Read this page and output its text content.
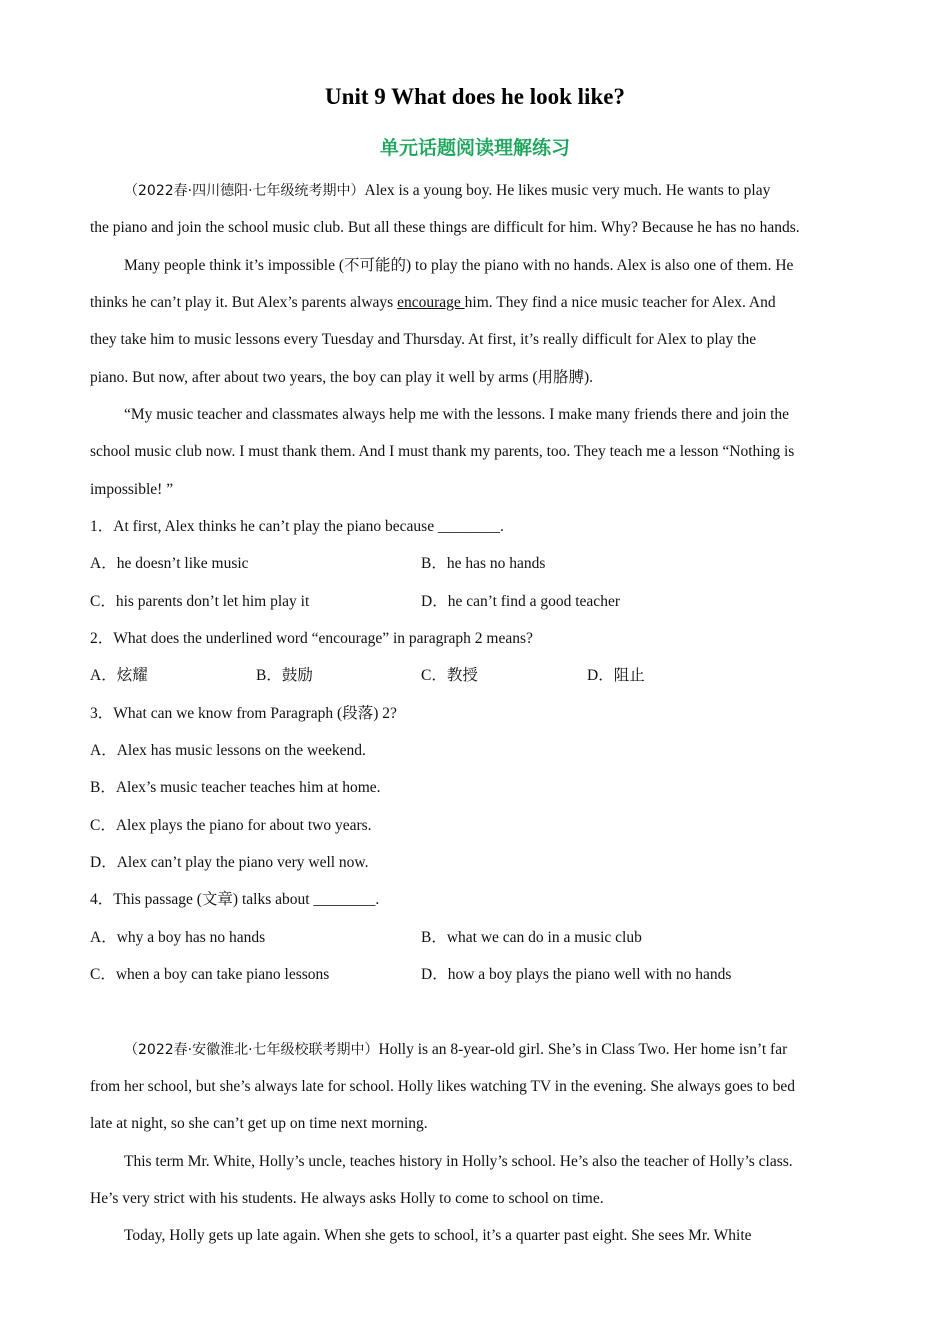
Unit 9 What does he look like?
单元话题阅读理解练习
（2022春·四川德阳·七年级统考期中）Alex is a young boy. He likes music very much. He wants to play
the piano and join the school music club. But all these things are difficult for him. Why? Because he has no hands.
Many people think it’s impossible (不可能的) to play the piano with no hands. Alex is also one of them. He
thinks he can’t play it. But Alex’s parents always encourage him. They find a nice music teacher for Alex. And
they take him to music lessons every Tuesday and Thursday. At first, it’s really difficult for Alex to play the
piano. But now, after about two years, the boy can play it well by arms (用胳膊).
“My music teacher and classmates always help me with the lessons. I make many friends there and join the
school music club now. I must thank them. And I must thank my parents, too. They teach me a lesson “Nothing is
impossible! ”
1．At first, Alex thinks he can’t play the piano because ________.
A．he doesn’t like music	B．he has no hands
C．his parents don’t let him play it	D．he can’t find a good teacher
2．What does the underlined word “encourage” in paragraph 2 means?
A．炫耀	B．鼓励	C．教授	D．阻止
3．What can we know from Paragraph (段落) 2?
A．Alex has music lessons on the weekend.
B．Alex’s music teacher teaches him at home.
C．Alex plays the piano for about two years.
D．Alex can’t play the piano very well now.
4．This passage (文章) talks about ________.
A．why a boy has no hands	B．what we can do in a music club
C．when a boy can take piano lessons	D．how a boy plays the piano well with no hands
（2022春·安徽淮北·七年级校联考期中）Holly is an 8-year-old girl. She’s in Class Two. Her home isn’t far
from her school, but she’s always late for school. Holly likes watching TV in the evening. She always goes to bed
late at night, so she can’t get up on time next morning.
This term Mr. White, Holly’s uncle, teaches history in Holly’s school. He’s also the teacher of Holly’s class.
He’s very strict with his students. He always asks Holly to come to school on time.
Today, Holly gets up late again. When she gets to school, it’s a quarter past eight. She sees Mr. White
